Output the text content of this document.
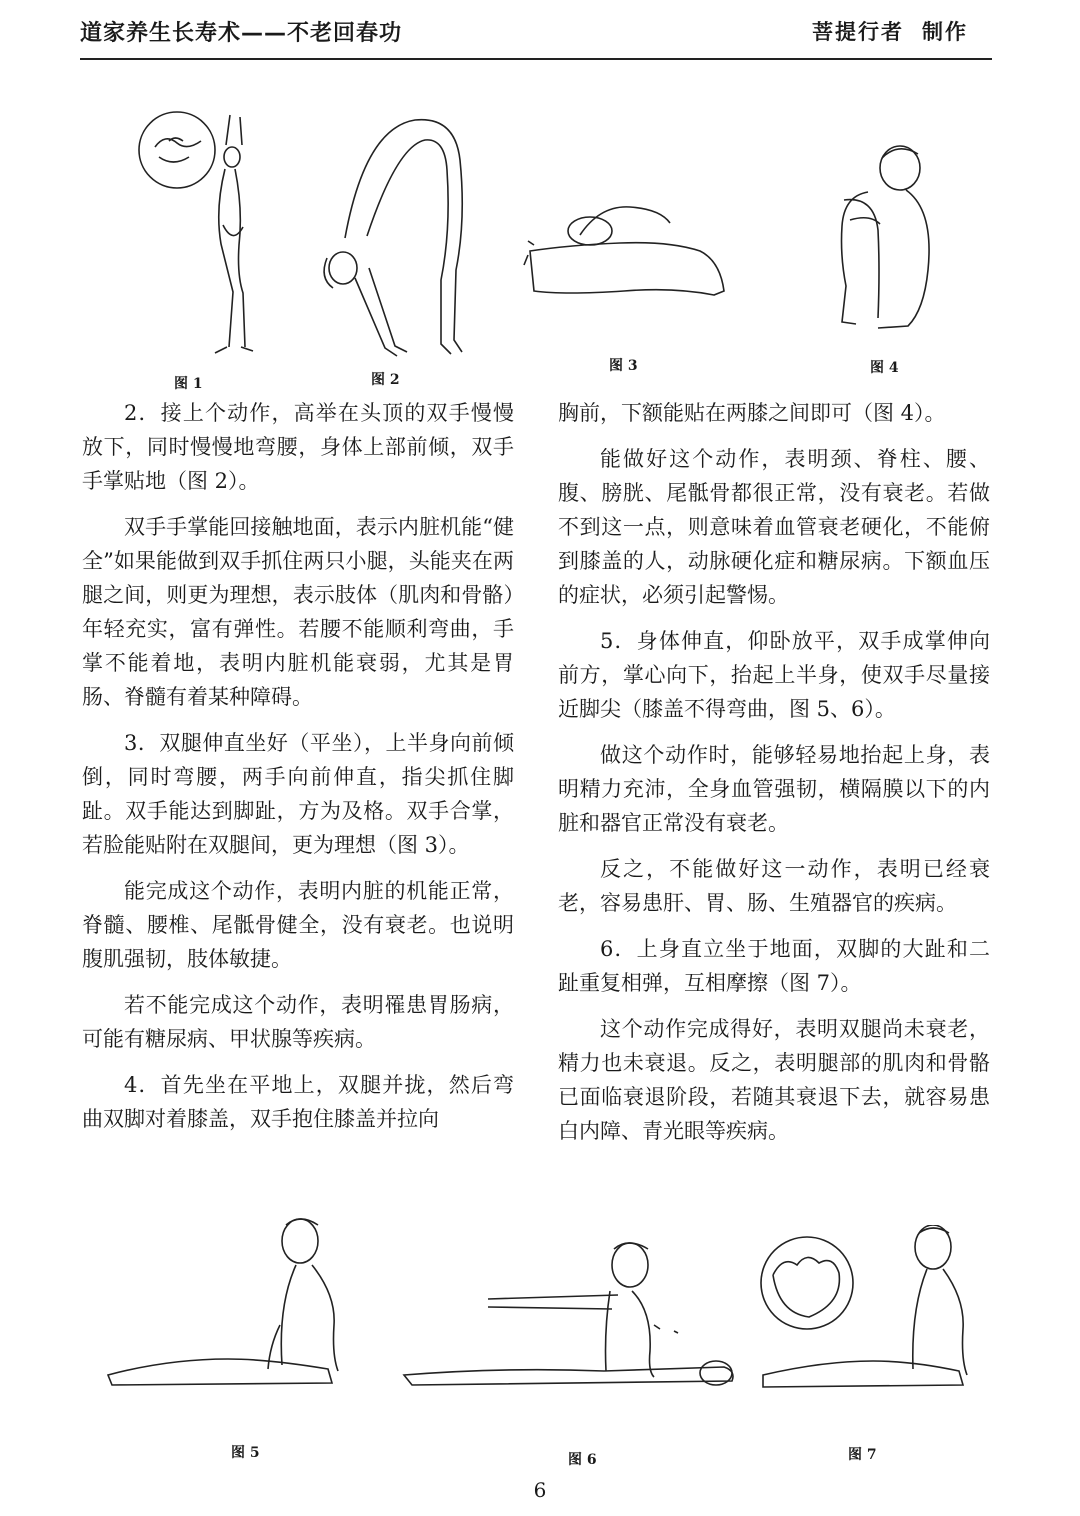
道家养生长寿术——不老回春功	菩提行者 制作
图 1	图 2
图 3	图 4

2．接上个动作，高举在头顶的双手慢慢放下，同时慢慢地弯腰，身体上部前倾，双手手掌贴地（图 2）。

双手手掌能回接触地面，表示内脏机能“健全”如果能做到双手抓住两只小腿，头能夹在两腿之间，则更为理想，表示肢体（肌肉和骨骼）年轻充实，富有弹性。若腰不能顺利弯曲，手掌不能着地，表明内脏机能衰弱，尤其是胃肠、脊髓有着某种障碍。

3．双腿伸直坐好（平坐），上半身向前倾倒，同时弯腰，两手向前伸直，指尖抓住脚趾。双手能达到脚趾，方为及格。双手合掌，若脸能贴附在双腿间，更为理想（图 3）。

能完成这个动作，表明内脏的机能正常，脊髓、腰椎、尾骶骨健全，没有衰老。也说明腹肌强韧，肢体敏捷。

若不能完成这个动作，表明罹患胃肠病，可能有糖尿病、甲状腺等疾病。

4．首先坐在平地上，双腿并拢，然后弯曲双脚对着膝盖，双手抱住膝盖并拉向

胸前，下额能贴在两膝之间即可（图 4）。

能做好这个动作，表明颈、脊柱、腰、腹、膀胱、尾骶骨都很正常，没有衰老。若做不到这一点，则意味着血管衰老硬化，不能俯到膝盖的人，动脉硬化症和糖尿病。下额血压的症状，必须引起警惕。

5．身体伸直，仰卧放平，双手成掌伸向前方，掌心向下，抬起上半身，使双手尽量接近脚尖（膝盖不得弯曲，图 5、6）。

做这个动作时，能够轻易地抬起上身，表明精力充沛，全身血管强韧，横隔膜以下的内脏和器官正常没有衰老。

反之，不能做好这一动作，表明已经衰老，容易患肝、胃、肠、生殖器官的疾病。

6．上身直立坐于地面，双脚的大趾和二趾重复相弹，互相摩擦（图 7）。

这个动作完成得好，表明双腿尚未衰老，精力也未衰退。反之，表明腿部的肌肉和骨骼已面临衰退阶段，若随其衰退下去，就容易患白内障、青光眼等疾病。

图 5	图 6	图 7
6
